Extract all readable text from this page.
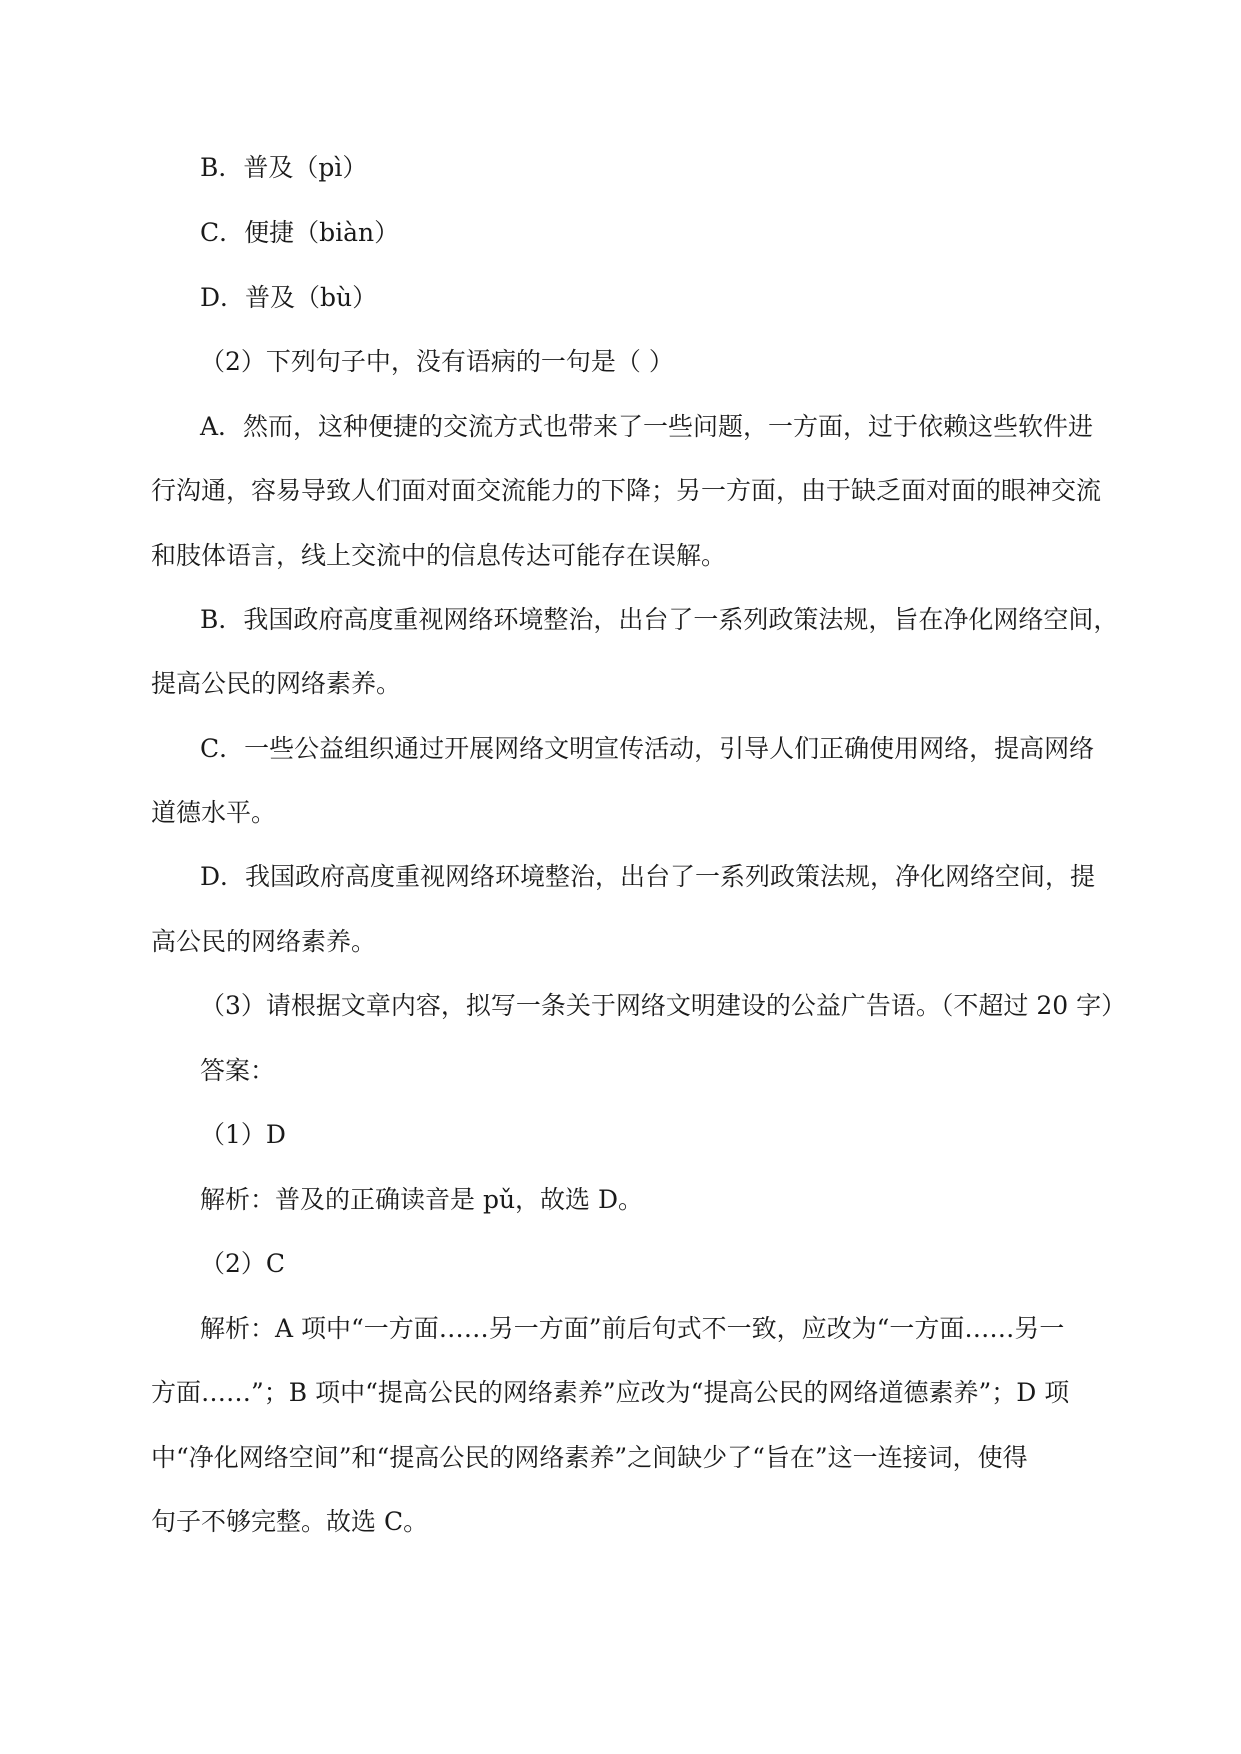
B．普及（pì）
C．便捷（biàn）
D．普及（bù）
（2）下列句子中，没有语病的一句是（ ）
A．然而，这种便捷的交流方式也带来了一些问题，一方面，过于依赖这些软件进
行沟通，容易导致人们面对面交流能力的下降；另一方面，由于缺乏面对面的眼神交流
和肢体语言，线上交流中的信息传达可能存在误解。
B．我国政府高度重视网络环境整治，出台了一系列政策法规，旨在净化网络空间，
提高公民的网络素养。
C．一些公益组织通过开展网络文明宣传活动，引导人们正确使用网络，提高网络
道德水平。
D．我国政府高度重视网络环境整治，出台了一系列政策法规，净化网络空间，提
高公民的网络素养。
（3）请根据文章内容，拟写一条关于网络文明建设的公益广告语。（不超过 20 字）
答案：
（1）D
解析：普及的正确读音是 pǔ，故选 D。
（2）C
解析：A 项中“一方面……另一方面”前后句式不一致，应改为“一方面……另一
方面……”；B 项中“提高公民的网络素养”应改为“提高公民的网络道德素养”；D 项
中“净化网络空间”和“提高公民的网络素养”之间缺少了“旨在”这一连接词，使得
句子不够完整。故选 C。
